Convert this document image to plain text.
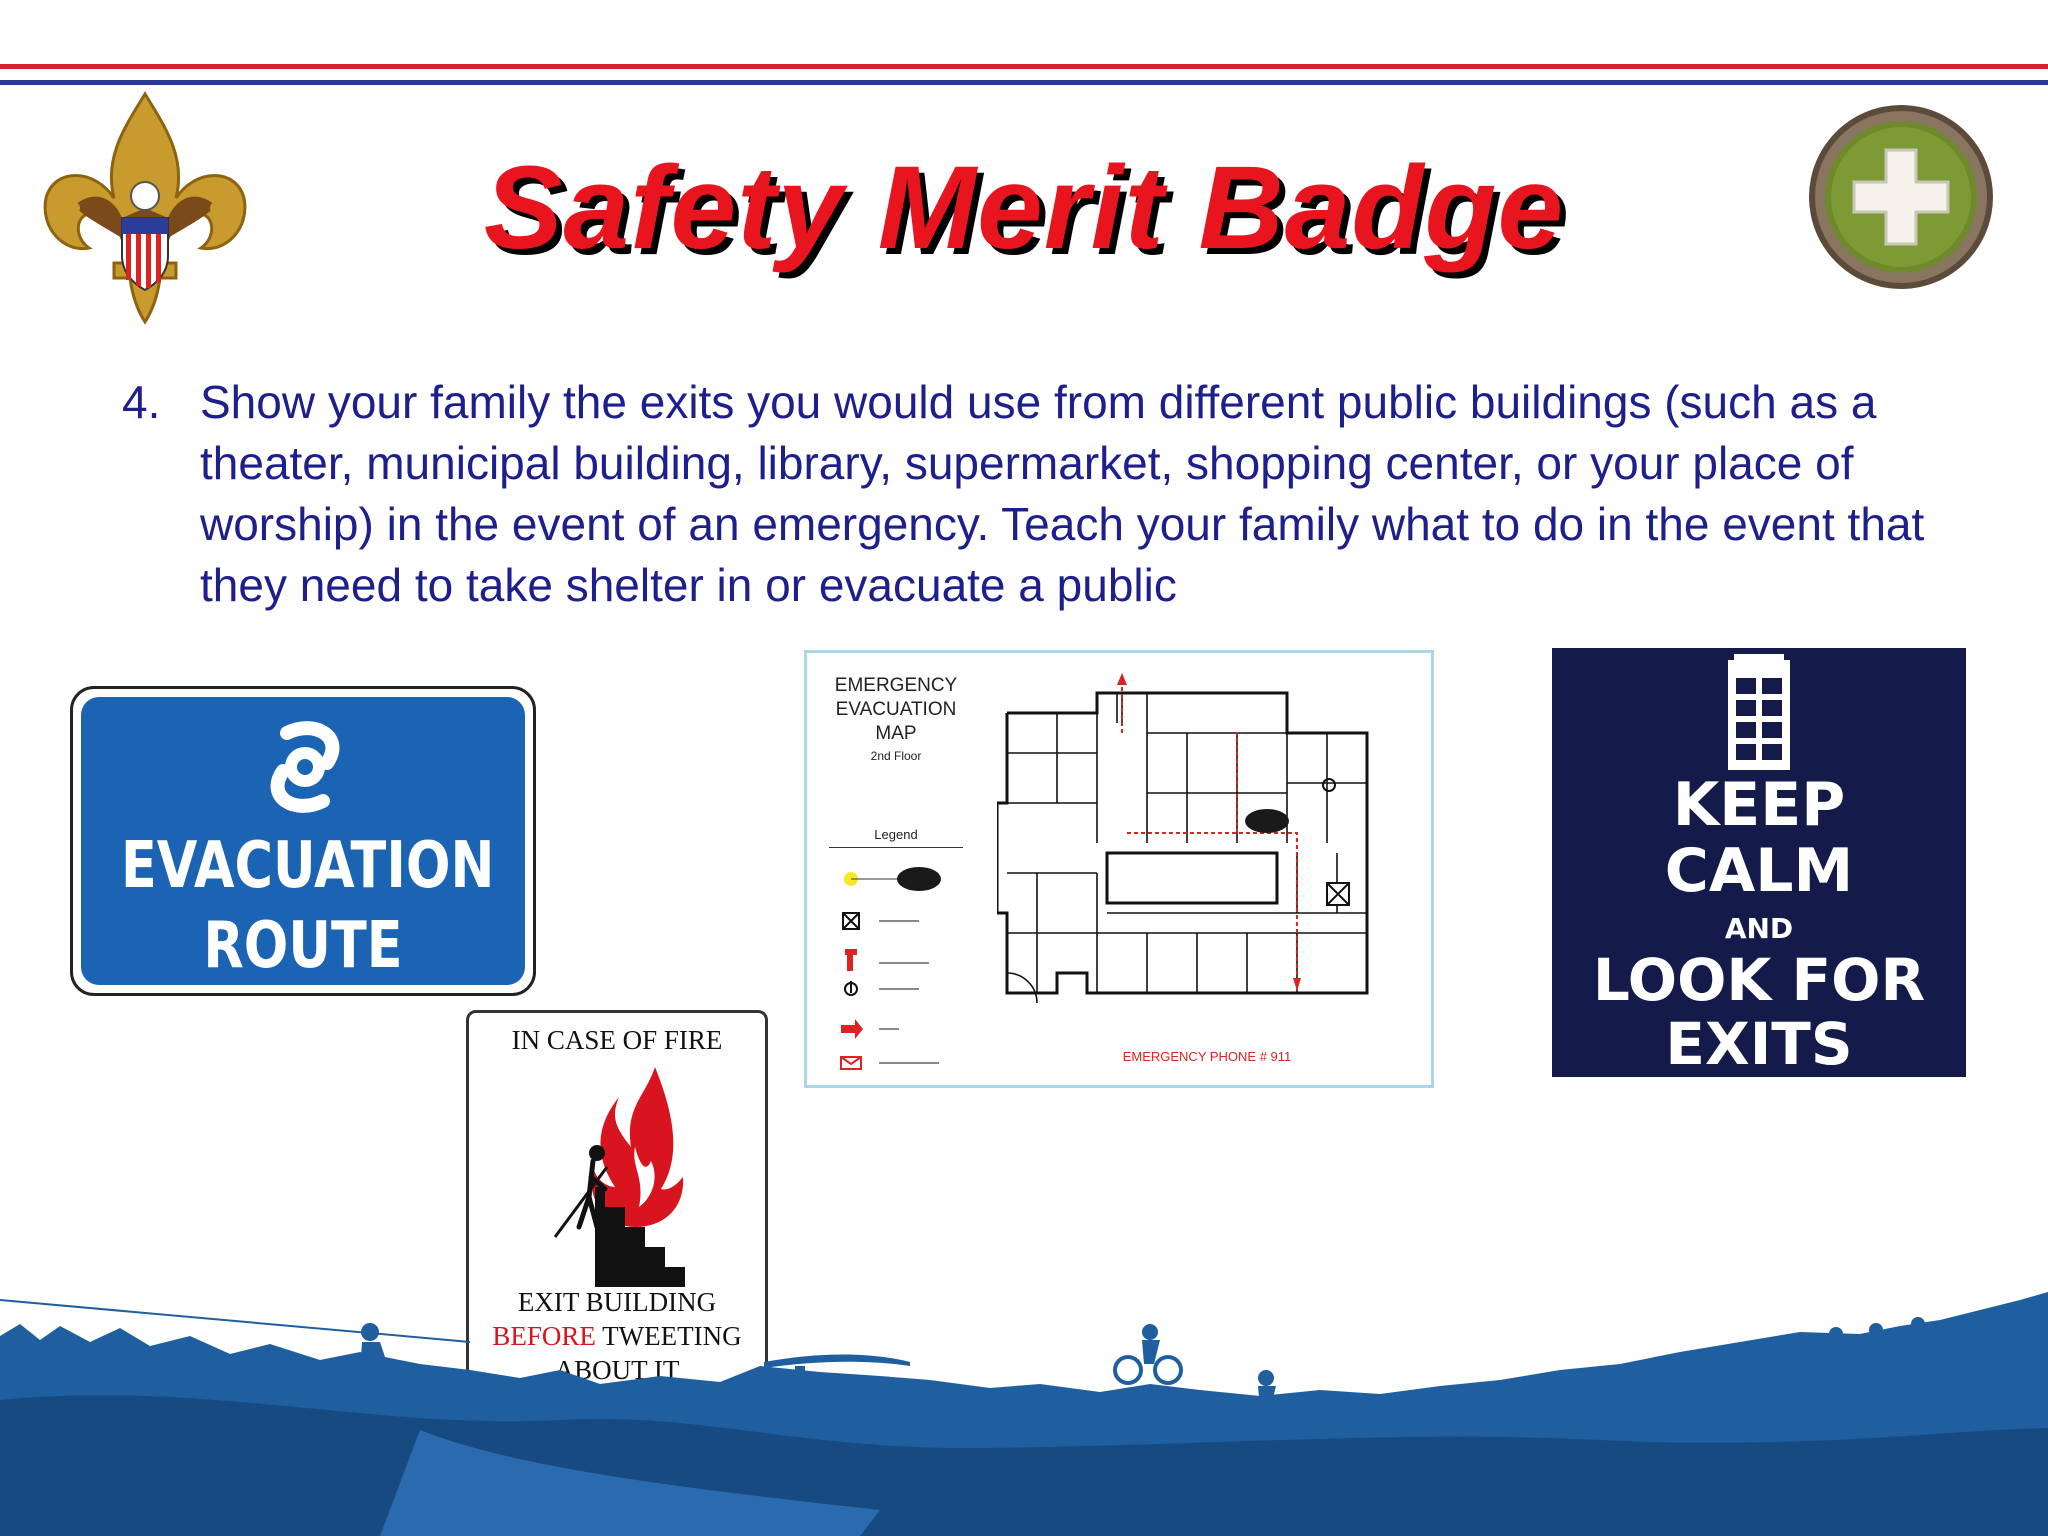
Safety Merit Badge
4. Show your family the exits you would use from different public buildings (such as a theater, municipal building, library, supermarket, shopping center, or your place of worship) in the event of an emergency. Teach your family what to do in the event that they need to take shelter in or evacuate a public
EVACUATION
ROUTE
EMERGENCY
EVACUATION
MAP
2nd Floor
Legend
EMERGENCY PHONE # 911
IN CASE OF FIRE
EXIT BUILDING
BEFORE TWEETING
ABOUT IT
KEEP
CALM
AND
LOOK FOR
EXITS
